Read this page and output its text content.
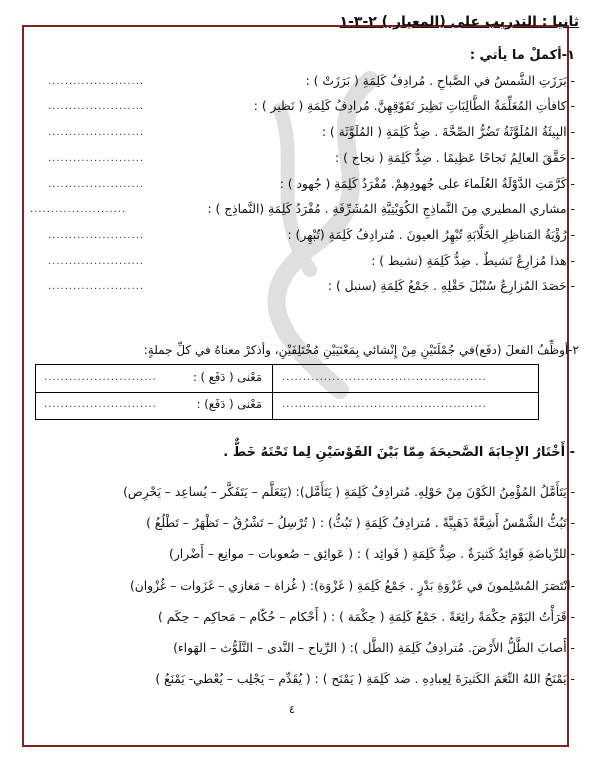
ثانيا : التدريب على (المعيار ) ٢-٣-١
١-أكملْ ما يأتي :
- بَرَزَتِ الشَّمسُ في الصَّباحِ . مُرادِفُ كَلِمَةِ ( بَرَزَتْ ) :
- كافأتِ المُعَلِّمَةُ الطَّالِبَاتِ نَظِيرَ تَفَوّقِهِنَّ. مُرادِفُ كَلِمَةِ ( نَظير ) :
- البِيئَةُ المُلَوَّثَةُ تَضُرُّ الصِّحَّةَ . ضِدُّ كَلِمَةِ ( المُلَوَّثَة ) :
- حَقَّقَ العالِمُ نَجاحًا عَظِيمًا . ضِدُّ كَلِمَةِ ( نجاح ) :
- كَرَّمَتِ الدَّوْلَةُ العُلَماءَ على جُهودِهِمْ. مُفْرَدُ كَلِمَةِ ( جُهود ) :
- مشاري المطيري مِنَ النَّماذِجِ الكُوَيْتِيَّةِ المُشَرِّفَةِ . مُفْرَدُ كَلِمَةِ (النَّماذِج ) :
- رُؤْيَةُ المَناظِرِ الخَلَّابَةِ تُبْهِرُ العيونَ . مُترادِفُ كَلِمَةِ (تُبْهِر) :
- هذا مُزارِعٌ نَشيطٌ . ضِدُّ كَلِمَةِ (نشيط ) :
- حَصَدَ المُزارِعُ سُنْبُلَ حَقْلِهِ . جَمْعُ كَلِمَةِ (سنبل ) :
.......................
.......................
.......................
.......................
.......................
.......................
.......................
.......................
.......................
٢-أوظِّفُ الفعلَ (دفَع)في جُمْلَتَيْنِ مِنْ إِنْشائي بِمَعْنَيَيْنِ مُخْتَلِفَيْنِ، وأذكرْ معناهُ في كلِّ جملةٍ:
.................................................
.................................................
مَعْنى ( دَفَع ) :
مَعْنى ( دَفَع) :
...........................
...........................
- أَخْتَارُ الإِجابَةَ الصَّحيحَةَ مِمّا بَيْنَ القَوْسَيْنِ لِما تَحْتَهُ خَطٌّ .
- يَتَأَمَّلُ المُؤْمِنُ الكَوْنَ مِنْ حَوْلِهِ. مُترادِفُ كَلِمَةِ ( يَتَأَمَّل): (يَتَعَلَّم – يَتَفَكَّر – يُساعِد – يَحْرِص)
- تَبُثُّ الشَّمْسُ أَشِعَّةً ذَهَبِيَّةً . مُترادِفُ كَلِمَةِ ( تَبُثُّ) : ( تُرْسِلُ – تَشْرُقُ – تَظْهَرُ – تَطْلُعُ )
- للرِّياضَةِ فَوائِدُ كَثيرَةٌ . ضِدُّ كَلِمَةِ ( فَوائِد ) : ( عَوائِق – صُعوبات – موانِع – أَضْرار)
-انْتَصَرَ المُسْلِمونَ في غَزْوَةِ بَدْرٍ . جَمْعُ كَلِمَةِ ( غَزْوَة): ( غُزاة – مَغازي – غَزَوات – غُزْوان)
- قَرَأْتُ اليَوْمَ حِكْمَةً رائِعَةً . جَمْعُ كَلِمَةِ ( حِكْمَة ) : ( أَحْكام – حُكّام – مَحاكِم – حِكَم )
- أَصابَ الطَّلُّ الأَرْضَ. مُترادِفُ كَلِمَةِ (الطَّل ): ( الرِّياح – النَّدى – التَّلَوُّث – الهَواء)
- يَمْنَحُ اللهُ النِّعَمَ الكَثيرَةَ لِعِبادِهِ . ضد كَلِمَةِ ( يَمْنَح ) : ( يُقَدِّم – يَجْلِب – يُعْطي- يَمْنَعُ )
٤
